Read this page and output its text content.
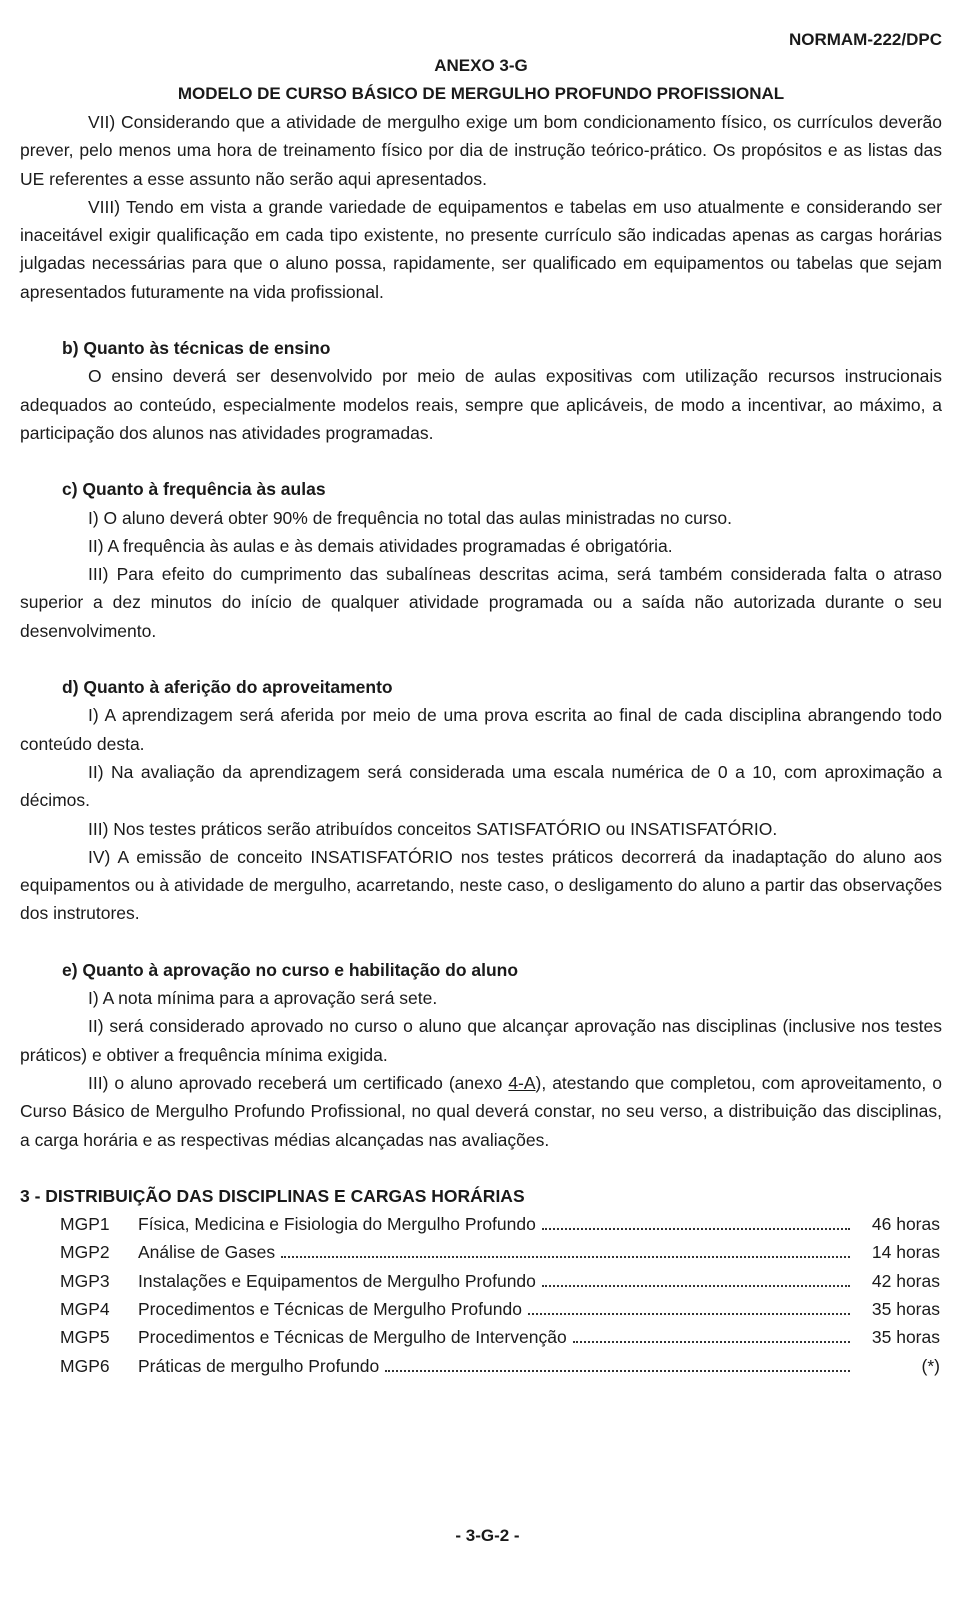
NORMAM-222/DPC
ANEXO 3-G
MODELO DE CURSO BÁSICO DE MERGULHO PROFUNDO PROFISSIONAL

VII) Considerando que a atividade de mergulho exige um bom condicionamento físico, os currículos deverão prever, pelo menos uma hora de treinamento físico por dia de instrução teórico-prático. Os propósitos e as listas das UE referentes a esse assunto não serão aqui apresentados.

VIII) Tendo em vista a grande variedade de equipamentos e tabelas em uso atualmente e considerando ser inaceitável exigir qualificação em cada tipo existente, no presente currículo são indicadas apenas as cargas horárias julgadas necessárias para que o aluno possa, rapidamente, ser qualificado em equipamentos ou tabelas que sejam apresentados futuramente na vida profissional.

b) Quanto às técnicas de ensino

O ensino deverá ser desenvolvido por meio de aulas expositivas com utilização recursos instrucionais adequados ao conteúdo, especialmente modelos reais, sempre que aplicáveis, de modo a incentivar, ao máximo, a participação dos alunos nas atividades programadas.

c) Quanto à frequência às aulas

I) O aluno deverá obter 90% de frequência no total das aulas ministradas no curso.

II) A frequência às aulas e às demais atividades programadas é obrigatória.

III) Para efeito do cumprimento das subalíneas descritas acima, será também considerada falta o atraso superior a dez minutos do início de qualquer atividade programada ou a saída não autorizada durante o seu desenvolvimento.

d) Quanto à aferição do aproveitamento

I) A aprendizagem será aferida por meio de uma prova escrita ao final de cada disciplina abrangendo todo conteúdo desta.

II) Na avaliação da aprendizagem será considerada uma escala numérica de 0 a 10, com aproximação a décimos.

III) Nos testes práticos serão atribuídos conceitos SATISFATÓRIO ou INSATISFATÓRIO.

IV) A emissão de conceito INSATISFATÓRIO nos testes práticos decorrerá da inadaptação do aluno aos equipamentos ou à atividade de mergulho, acarretando, neste caso, o desligamento do aluno a partir das observações dos instrutores.

e) Quanto à aprovação no curso e habilitação do aluno

I) A nota mínima para a aprovação será sete.

II) será considerado aprovado no curso o aluno que alcançar aprovação nas disciplinas (inclusive nos testes práticos) e obtiver a frequência mínima exigida.

III) o aluno aprovado receberá um certificado (anexo 4-A), atestando que completou, com aproveitamento, o Curso Básico de Mergulho Profundo Profissional, no qual deverá constar, no seu verso, a distribuição das disciplinas, a carga horária e as respectivas médias alcançadas nas avaliações.

3 - DISTRIBUIÇÃO DAS DISCIPLINAS E CARGAS HORÁRIAS
MGP1	Física, Medicina e Fisiologia do Mergulho Profundo	46 horas
MGP2	Análise de Gases	14 horas
MGP3	Instalações e Equipamentos de Mergulho Profundo	42 horas
MGP4	Procedimentos e Técnicas de Mergulho Profundo	35 horas
MGP5	Procedimentos e Técnicas de Mergulho de Intervenção	35 horas
MGP6	Práticas de mergulho Profundo	(*)
- 3-G-2 -
